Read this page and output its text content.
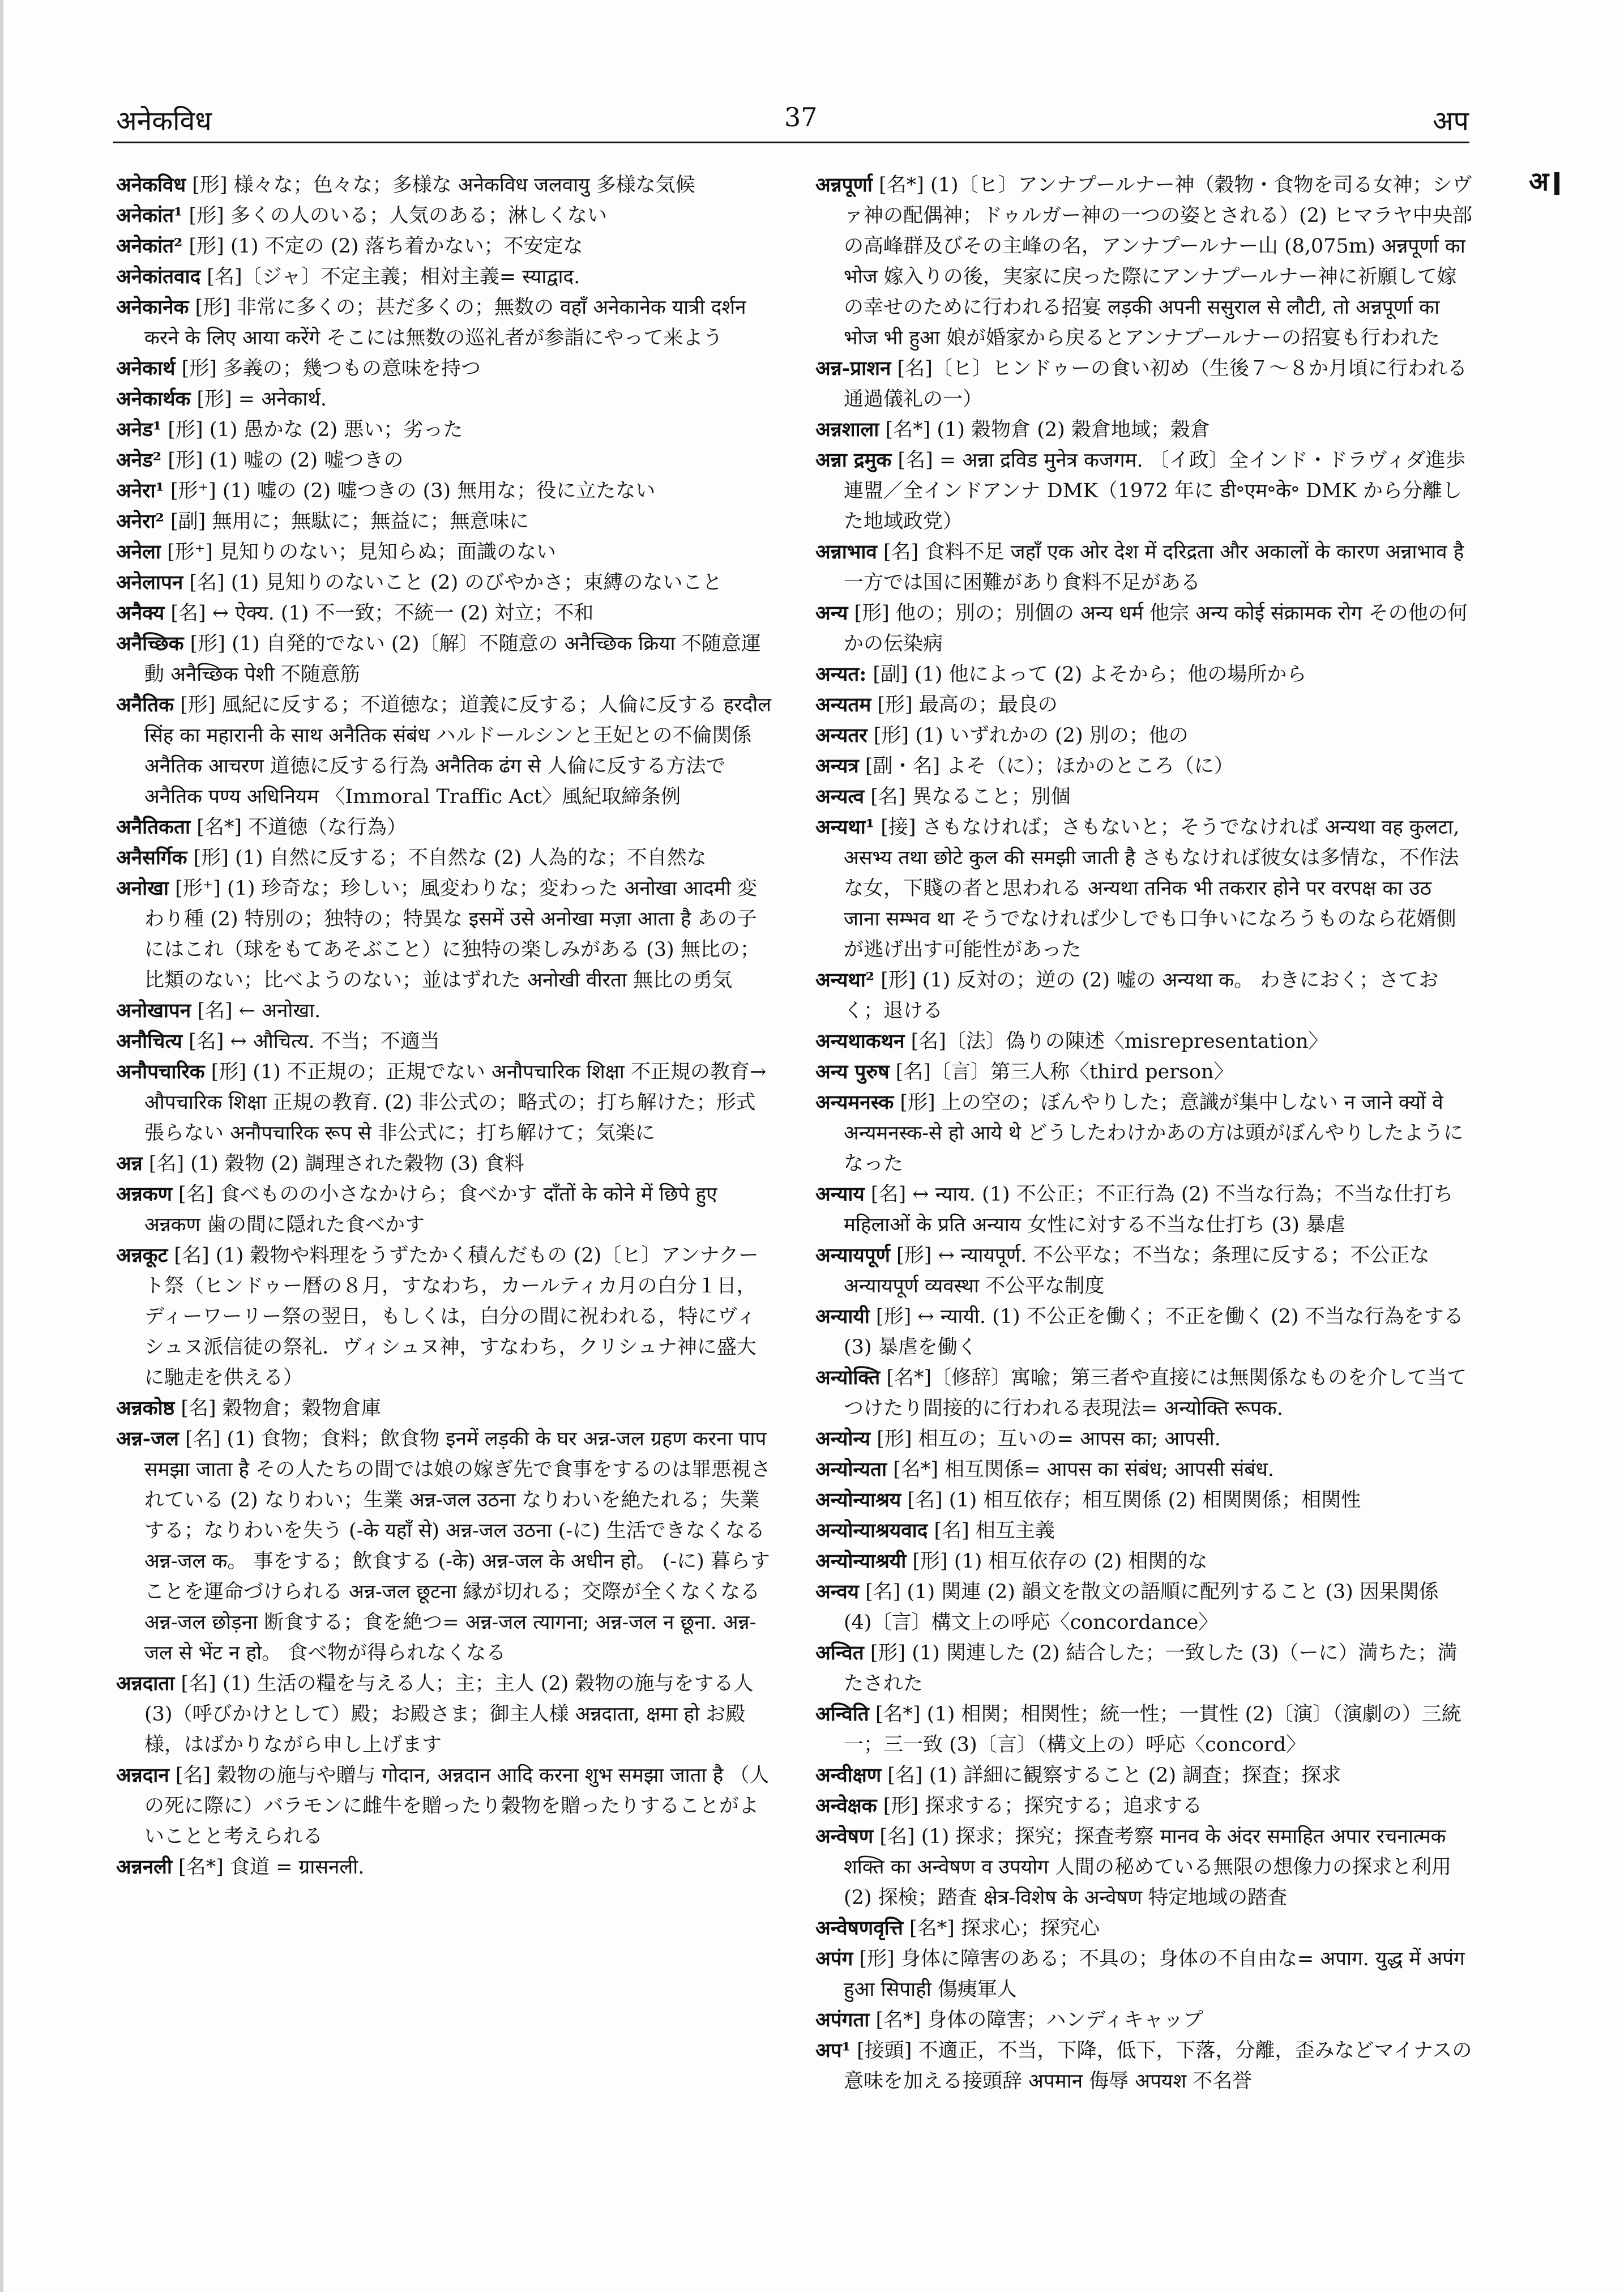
अनेकविध	37	अप
अ

अनेकविध [形] 様々な；色々な；多様な अनेकविध जलवायु 多様な気候

अनेकांत¹ [形] 多くの人のいる；人気のある；淋しくない

अनेकांत² [形] (1) 不定の (2) 落ち着かない；不安定な

अनेकांतवाद [名]〔ジャ〕不定主義；相対主義= स्याद्वाद.

अनेकानेक [形] 非常に多くの；甚だ多くの；無数の वहाँ अनेकानेक यात्री दर्शन करने के लिए आया करेंगे そこには無数の巡礼者が参詣にやって来よう

अनेकार्थ [形] 多義の；幾つもの意味を持つ

अनेकार्थक [形] = अनेकार्थ.

अनेड¹ [形] (1) 愚かな (2) 悪い；劣った

अनेड² [形] (1) 嘘の (2) 嘘つきの

अनेरा¹ [形⁺] (1) 嘘の (2) 嘘つきの (3) 無用な；役に立たない

अनेरा² [副] 無用に；無駄に；無益に；無意味に

अनेला [形⁺] 見知りのない；見知らぬ；面識のない

अनेलापन [名] (1) 見知りのないこと (2) のびやかさ；束縛のないこと

अनैक्य [名] ↔ ऐक्य. (1) 不一致；不統一 (2) 対立；不和

अनैच्छिक [形] (1) 自発的でない (2)〔解〕不随意の अनैच्छिक क्रिया 不随意運動 अनैच्छिक पेशी 不随意筋

अनैतिक [形] 風紀に反する；不道徳な；道義に反する；人倫に反する हरदौल सिंह का महारानी के साथ अनैतिक संबंध ハルドールシンと王妃との不倫関係 अनैतिक आचरण 道徳に反する行為 अनैतिक ढंग से 人倫に反する方法で अनैतिक पण्य अधिनियम 〈Immoral Traffic Act〉風紀取締条例

अनैतिकता [名*] 不道徳（な行為）

अनैसर्गिक [形] (1) 自然に反する；不自然な (2) 人為的な；不自然な

अनोखा [形⁺] (1) 珍奇な；珍しい；風変わりな；変わった अनोखा आदमी 変わり種 (2) 特別の；独特の；特異な इसमें उसे अनोखा मज़ा आता है あの子にはこれ（球をもてあそぶこと）に独特の楽しみがある (3) 無比の；比類のない；比べようのない；並はずれた अनोखी वीरता 無比の勇気

अनोखापन [名] ← अनोखा.

अनौचित्य [名] ↔ औचित्य. 不当；不適当

अनौपचारिक [形] (1) 不正規の；正規でない अनौपचारिक शिक्षा 不正規の教育→ औपचारिक शिक्षा 正規の教育. (2) 非公式の；略式の；打ち解けた；形式張らない अनौपचारिक रूप से 非公式に；打ち解けて；気楽に

अन्न [名] (1) 穀物 (2) 調理された穀物 (3) 食料

अन्नकण [名] 食べものの小さなかけら；食べかす दाँतों के कोने में छिपे हुए अन्नकण 歯の間に隠れた食べかす

अन्नकूट [名] (1) 穀物や料理をうずたかく積んだもの (2)〔ヒ〕アンナクート祭（ヒンドゥー暦の８月，すなわち，カールティカ月の白分１日，ディーワーリー祭の翌日，もしくは，白分の間に祝われる，特にヴィシュヌ派信徒の祭礼．ヴィシュヌ神，すなわち，クリシュナ神に盛大に馳走を供える）

अन्नकोष्ठ [名] 穀物倉；穀物倉庫

अन्न-जल [名] (1) 食物；食料；飲食物 इनमें लड़की के घर अन्न-जल ग्रहण करना पाप समझा जाता है その人たちの間では娘の嫁ぎ先で食事をするのは罪悪視されている (2) なりわい；生業 अन्न-जल उठना なりわいを絶たれる；失業する；なりわいを失う (-के यहाँ से) अन्न-जल उठना (-に) 生活できなくなる अन्न-जल क。 事をする；飲食する (-के) अन्न-जल के अधीन हो。 (-に) 暮らすことを運命づけられる अन्न-जल छूटना 縁が切れる；交際が全くなくなる अन्न-जल छोड़ना 断食する；食を絶つ= अन्न-जल त्यागना; अन्न-जल न छूना. अन्न-जल से भेंट न हो。 食べ物が得られなくなる

अन्नदाता [名] (1) 生活の糧を与える人；主；主人 (2) 穀物の施与をする人 (3)（呼びかけとして）殿；お殿さま；御主人様 अन्नदाता, क्षमा हो お殿様，はばかりながら申し上げます

अन्नदान [名] 穀物の施与や贈与 गोदान, अन्नदान आदि करना शुभ समझा जाता है （人の死に際に）バラモンに雌牛を贈ったり穀物を贈ったりすることがよいことと考えられる

अन्ननली [名*] 食道 = ग्रासनली.

अन्नपूर्णा [名*] (1)〔ヒ〕アンナプールナー神（穀物・食物を司る女神；シヴァ神の配偶神；ドゥルガー神の一つの姿とされる）(2) ヒマラヤ中央部の高峰群及びその主峰の名，アンナプールナー山 (8,075m) अन्नपूर्णा का भोज 嫁入りの後，実家に戻った際にアンナプールナー神に祈願して嫁の幸せのために行われる招宴 लड़की अपनी ससुराल से लौटी, तो अन्नपूर्णा का भोज भी हुआ 娘が婚家から戻るとアンナプールナーの招宴も行われた

अन्न-प्राशन [名]〔ヒ〕ヒンドゥーの食い初め（生後７〜８か月頃に行われる通過儀礼の一）

अन्नशाला [名*] (1) 穀物倉 (2) 穀倉地域；穀倉

अन्ना द्रमुक [名] = अन्ना द्रविड मुनेत्र कजगम. 〔イ政〕全インド・ドラヴィダ進歩連盟／全インドアンナ DMK（1972 年に डी॰एम॰के॰ DMK から分離した地域政党）

अन्नाभाव [名] 食料不足 जहाँ एक ओर देश में दरिद्रता और अकालों के कारण अन्नाभाव है 一方では国に困難があり食料不足がある

अन्य [形] 他の；別の；別個の अन्य धर्म 他宗 अन्य कोई संक्रामक रोग その他の何かの伝染病

अन्यत: [副] (1) 他によって (2) よそから；他の場所から

अन्यतम [形] 最高の；最良の

अन्यतर [形] (1) いずれかの (2) 別の；他の

अन्यत्र [副・名] よそ（に）；ほかのところ（に）

अन्यत्व [名] 異なること；別個

अन्यथा¹ [接] さもなければ；さもないと；そうでなければ अन्यथा वह कुलटा, असभ्य तथा छोटे कुल की समझी जाती है さもなければ彼女は多情な，不作法な女，下賤の者と思われる अन्यथा तनिक भी तकरार होने पर वरपक्ष का उठ जाना सम्भव था そうでなければ少しでも口争いになろうものなら花婿側が逃げ出す可能性があった

अन्यथा² [形] (1) 反対の；逆の (2) 嘘の अन्यथा क。 わきにおく；さておく；退ける

अन्यथाकथन [名]〔法〕偽りの陳述〈misrepresentation〉

अन्य पुरुष [名]〔言〕第三人称〈third person〉

अन्यमनस्क [形] 上の空の；ぼんやりした；意識が集中しない न जाने क्यों वे अन्यमनस्क-से हो आये थे どうしたわけかあの方は頭がぼんやりしたようになった

अन्याय [名] ↔ न्याय. (1) 不公正；不正行為 (2) 不当な行為；不当な仕打ち महिलाओं के प्रति अन्याय 女性に対する不当な仕打ち (3) 暴虐

अन्यायपूर्ण [形] ↔ न्यायपूर्ण. 不公平な；不当な；条理に反する；不公正な अन्यायपूर्ण व्यवस्था 不公平な制度

अन्यायी [形] ↔ न्यायी. (1) 不公正を働く；不正を働く (2) 不当な行為をする (3) 暴虐を働く

अन्योक्ति [名*]〔修辞〕寓喩；第三者や直接には無関係なものを介して当てつけたり間接的に行われる表現法= अन्योक्ति रूपक.

अन्योन्य [形] 相互の；互いの= आपस का; आपसी.

अन्योन्यता [名*] 相互関係= आपस का संबंध; आपसी संबंध.

अन्योन्याश्रय [名] (1) 相互依存；相互関係 (2) 相関関係；相関性

अन्योन्याश्रयवाद [名] 相互主義

अन्योन्याश्रयी [形] (1) 相互依存の (2) 相関的な

अन्वय [名] (1) 関連 (2) 韻文を散文の語順に配列すること (3) 因果関係 (4)〔言〕構文上の呼応〈concordance〉

अन्वित [形] (1) 関連した (2) 結合した；一致した (3)（ーに）満ちた；満たされた

अन्विति [名*] (1) 相関；相関性；統一性；一貫性 (2)〔演〕（演劇の）三統一；三一致 (3)〔言〕（構文上の）呼応〈concord〉

अन्वीक्षण [名] (1) 詳細に観察すること (2) 調査；探査；探求

अन्वेक्षक [形] 探求する；探究する；追求する

अन्वेषण [名] (1) 探求；探究；探査考察 मानव के अंदर समाहित अपार रचनात्मक शक्ति का अन्वेषण व उपयोग 人間の秘めている無限の想像力の探求と利用 (2) 探検；踏査 क्षेत्र-विशेष के अन्वेषण 特定地域の踏査

अन्वेषणवृत्ति [名*] 探求心；探究心

अपंग [形] 身体に障害のある；不具の；身体の不自由な= अपाग. युद्ध में अपंग हुआ सिपाही 傷痍軍人

अपंगता [名*] 身体の障害；ハンディキャップ

अप¹ [接頭] 不適正，不当，下降，低下，下落，分離，歪みなどマイナスの意味を加える接頭辞 अपमान 侮辱 अपयश 不名誉
